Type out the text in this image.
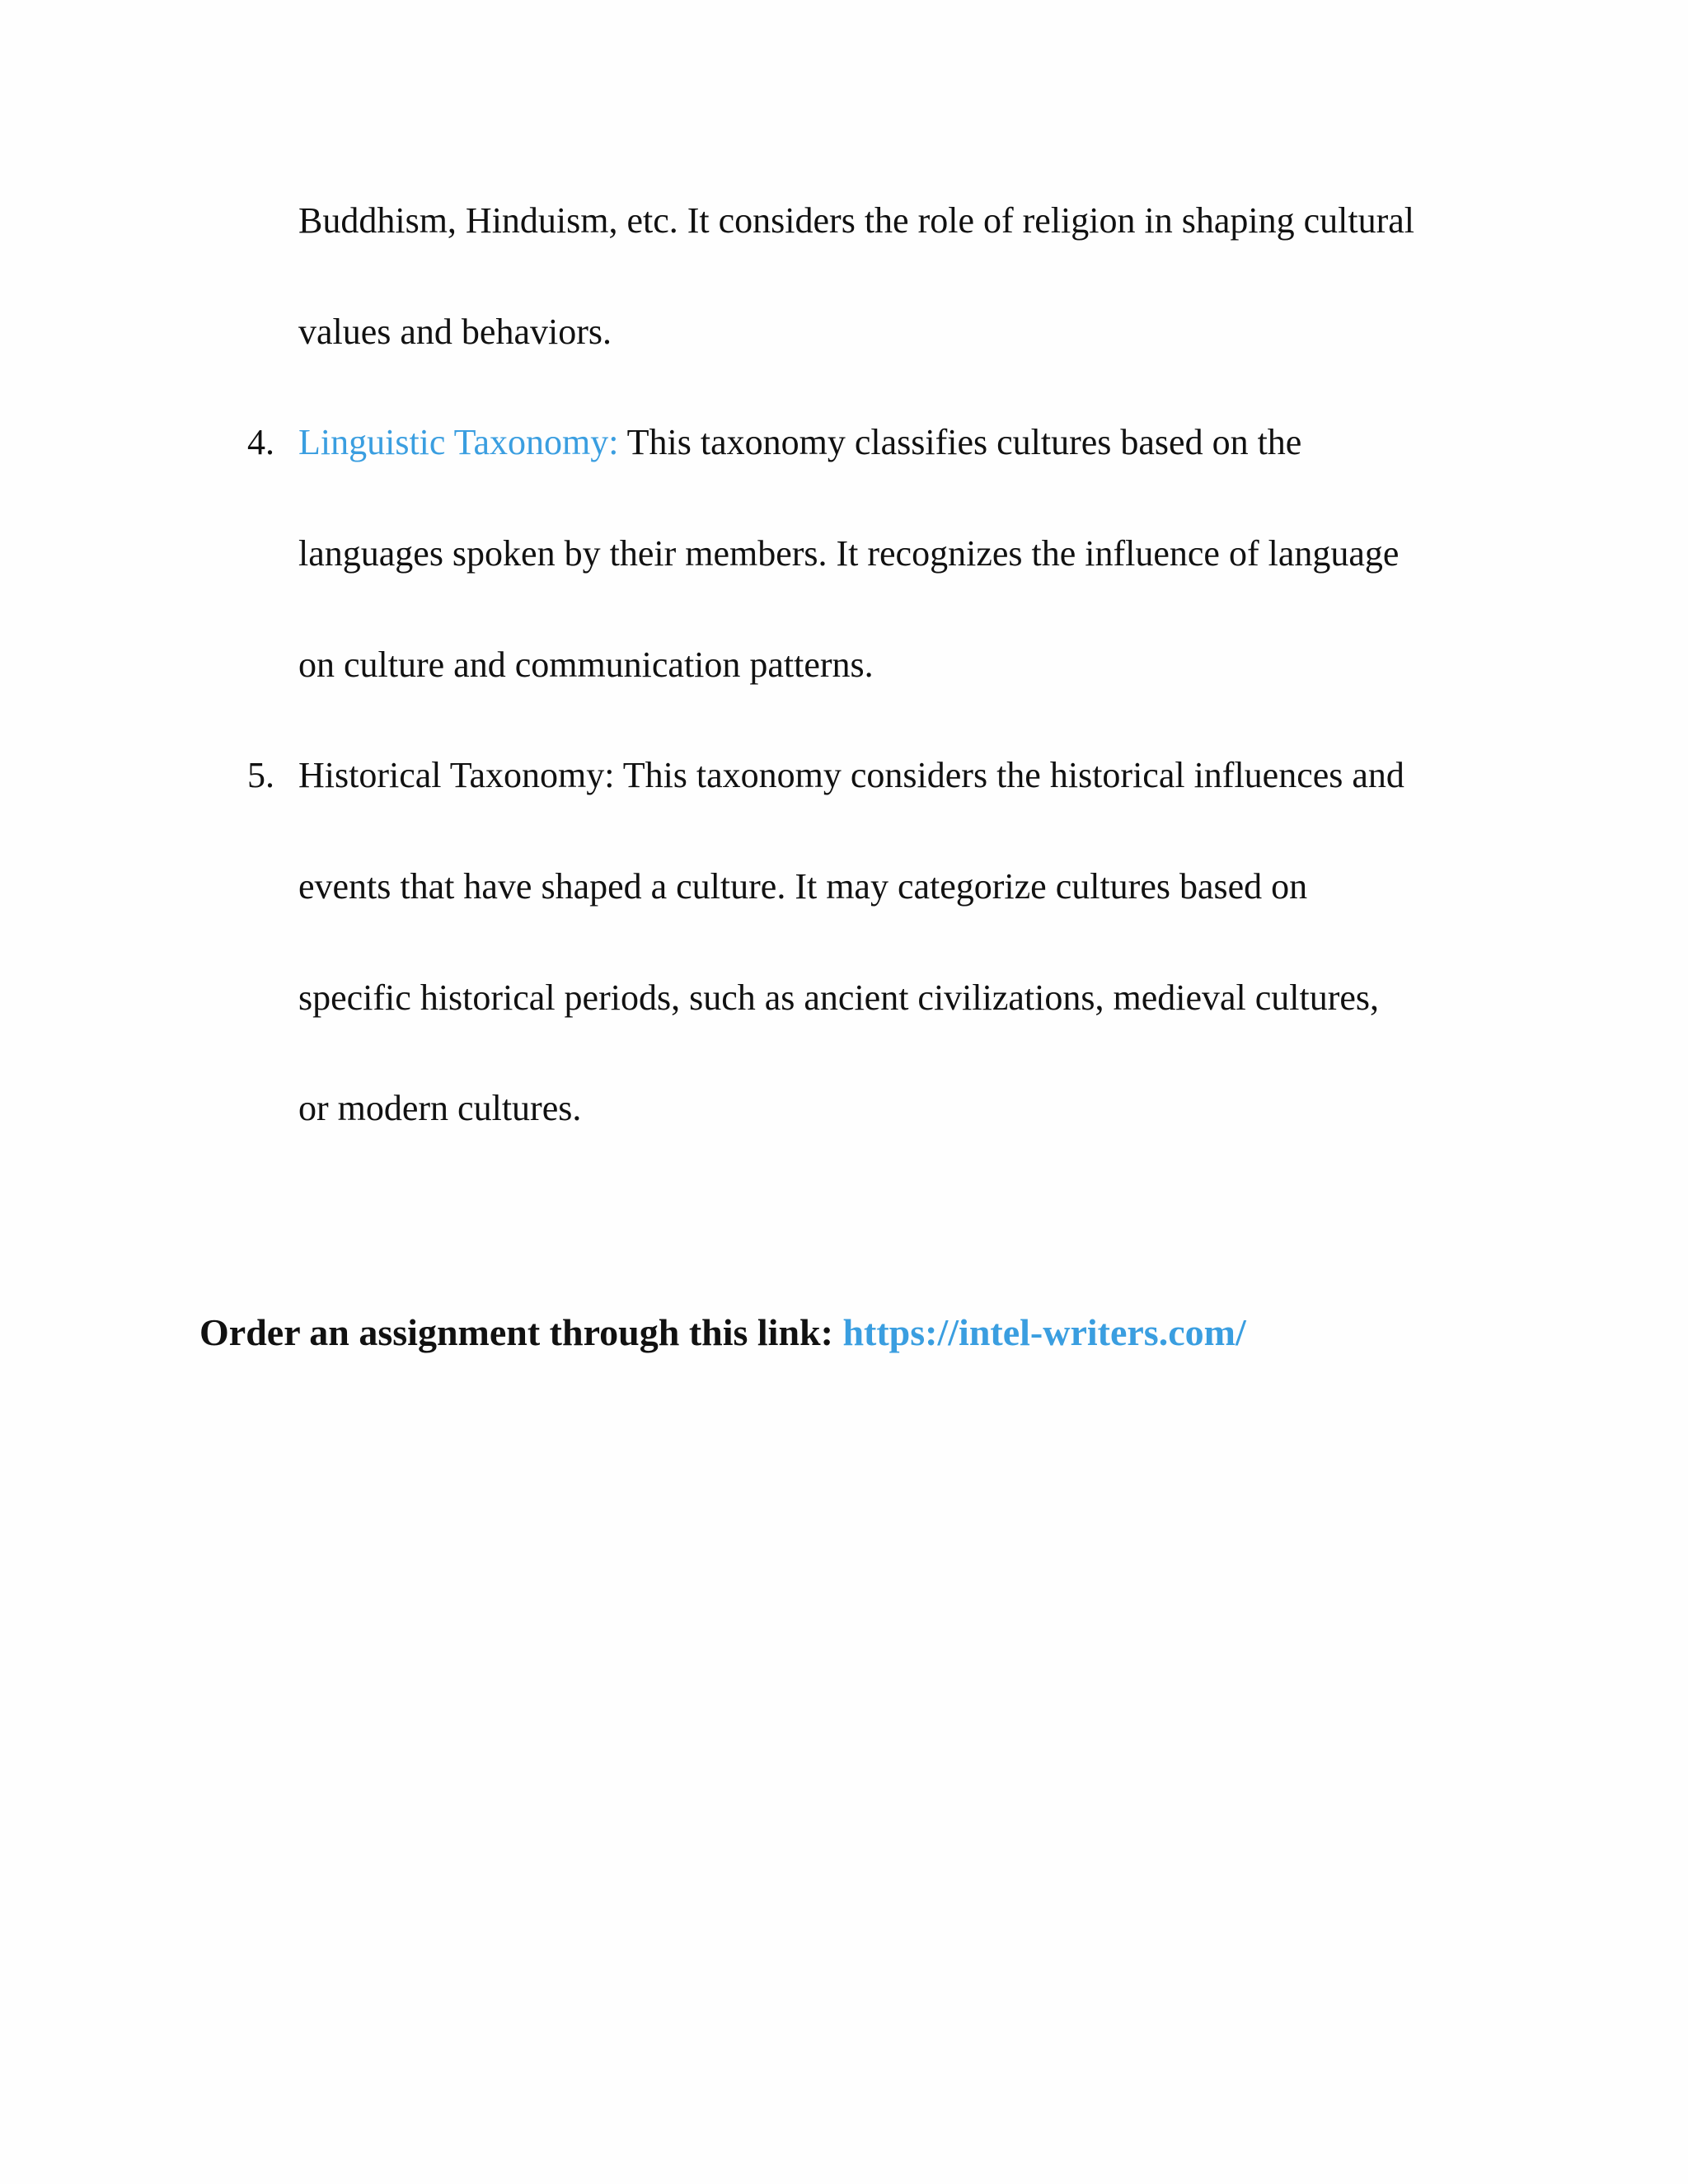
Buddhism, Hinduism, etc. It considers the role of religion in shaping cultural
values and behaviors.
4. Linguistic Taxonomy: This taxonomy classifies cultures based on the
languages spoken by their members. It recognizes the influence of language
on culture and communication patterns.
5. Historical Taxonomy: This taxonomy considers the historical influences and
events that have shaped a culture. It may categorize cultures based on
specific historical periods, such as ancient civilizations, medieval cultures,
or modern cultures.
Order an assignment through this link: https://intel-writers.com/
